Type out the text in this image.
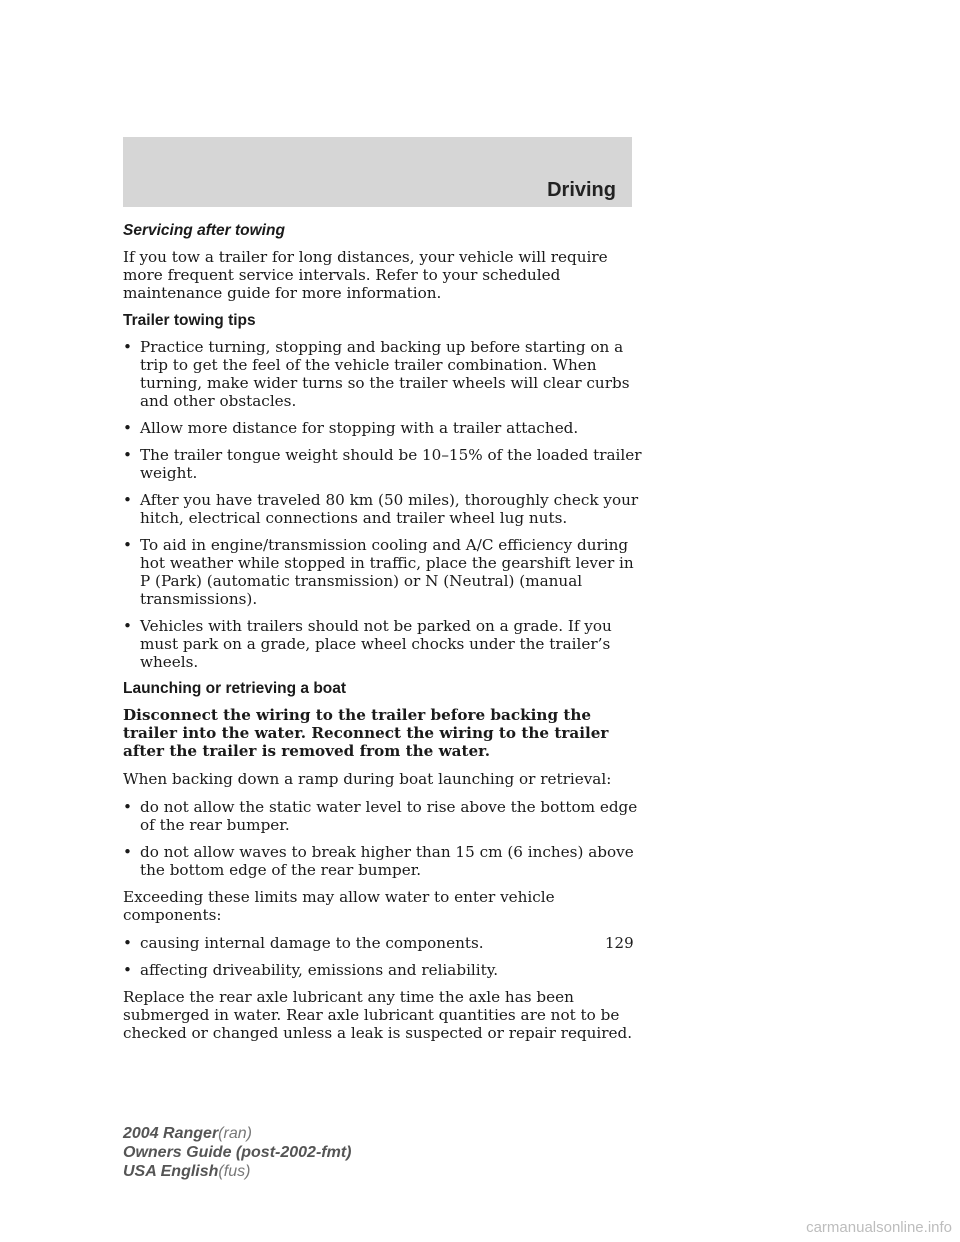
Driving
Servicing after towing

If you tow a trailer for long distances, your vehicle will require more frequent service intervals. Refer to your scheduled maintenance guide for more information.

Trailer towing tips
• Practice turning, stopping and backing up before starting on a trip to get the feel of the vehicle trailer combination. When turning, make wider turns so the trailer wheels will clear curbs and other obstacles.
• Allow more distance for stopping with a trailer attached.
• The trailer tongue weight should be 10–15% of the loaded trailer weight.
• After you have traveled 80 km (50 miles), thoroughly check your hitch, electrical connections and trailer wheel lug nuts.
• To aid in engine/transmission cooling and A/C efficiency during hot weather while stopped in traffic, place the gearshift lever in P (Park) (automatic transmission) or N (Neutral) (manual transmissions).
• Vehicles with trailers should not be parked on a grade. If you must park on a grade, place wheel chocks under the trailer’s wheels.
Launching or retrieving a boat

Disconnect the wiring to the trailer before backing the trailer into the water. Reconnect the wiring to the trailer after the trailer is removed from the water.

When backing down a ramp during boat launching or retrieval:

• do not allow the static water level to rise above the bottom edge of the rear bumper.
• do not allow waves to break higher than 15 cm (6 inches) above the bottom edge of the rear bumper.

Exceeding these limits may allow water to enter vehicle components:

• causing internal damage to the components.
• affecting driveability, emissions and reliability.

Replace the rear axle lubricant any time the axle has been submerged in water. Rear axle lubricant quantities are not to be checked or changed unless a leak is suspected or repair required.

129
2004 Ranger(ran)
Owners Guide (post-2002-fmt)
USA English(fus)
carmanualsonline.info
